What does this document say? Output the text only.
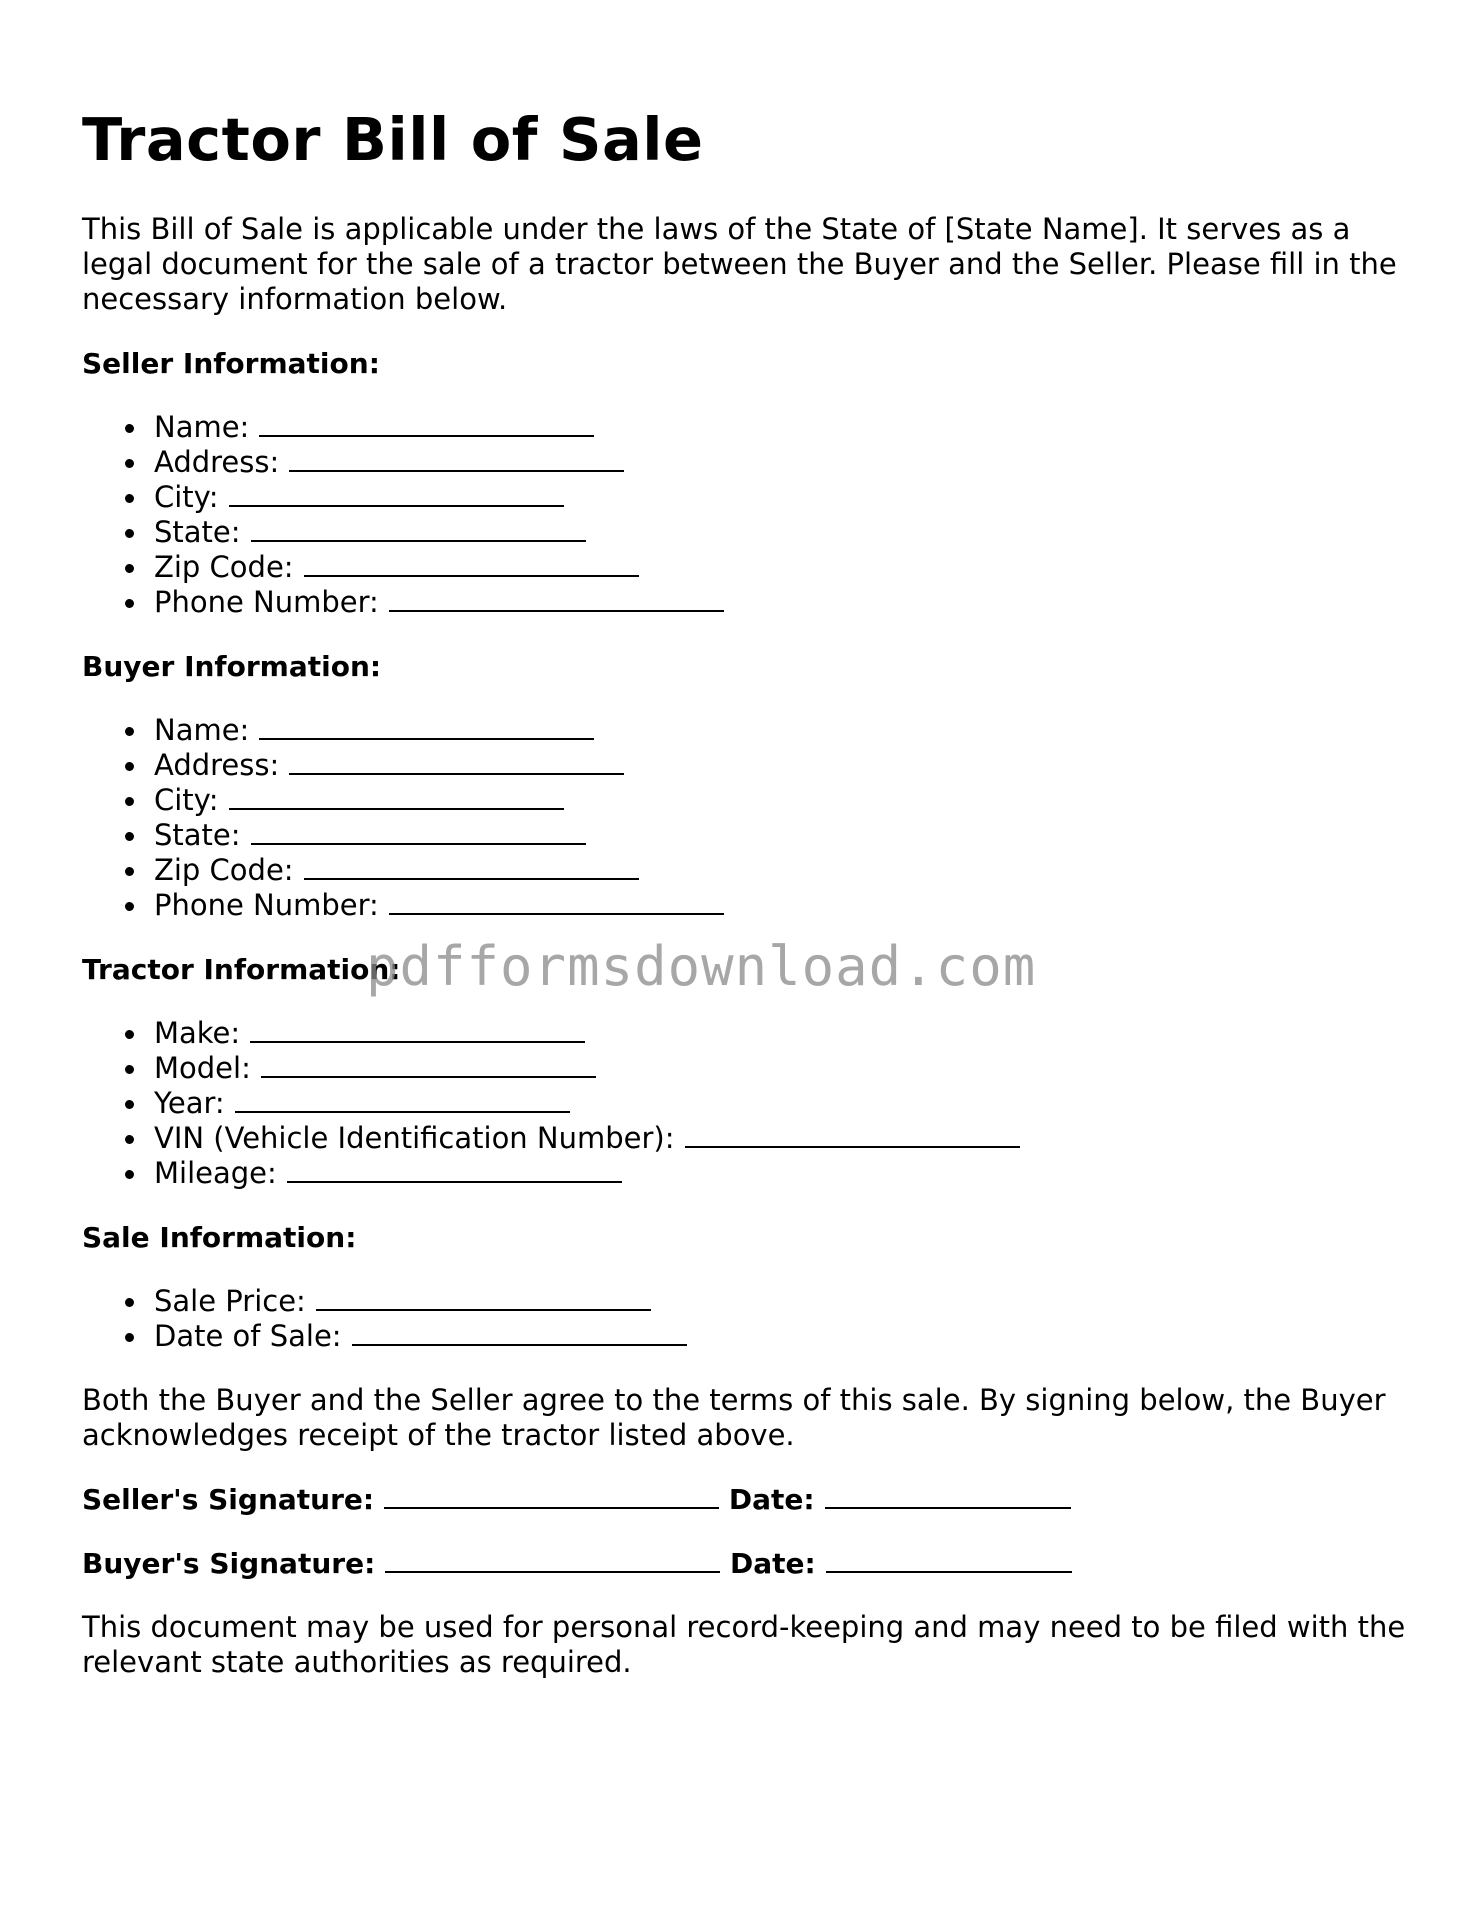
Tractor Bill of Sale

This Bill of Sale is applicable under the laws of the State of [State Name]. It serves as a legal document for the sale of a tractor between the Buyer and the Seller. Please fill in the necessary information below.

Seller Information:
Name:
Address:
City:
State:
Zip Code:
Phone Number:
Buyer Information:
Name:
Address:
City:
State:
Zip Code:
Phone Number:
Tractor Information:
Make:
Model:
Year:
VIN (Vehicle Identification Number):
Mileage:
Sale Information:
Sale Price:
Date of Sale:

Both the Buyer and the Seller agree to the terms of this sale. By signing below, the Buyer acknowledges receipt of the tractor listed above.

Seller's Signature:	Date:
Buyer's Signature:	Date:

This document may be used for personal record-keeping and may need to be filed with the relevant state authorities as required.

pdfformsdownload.com
